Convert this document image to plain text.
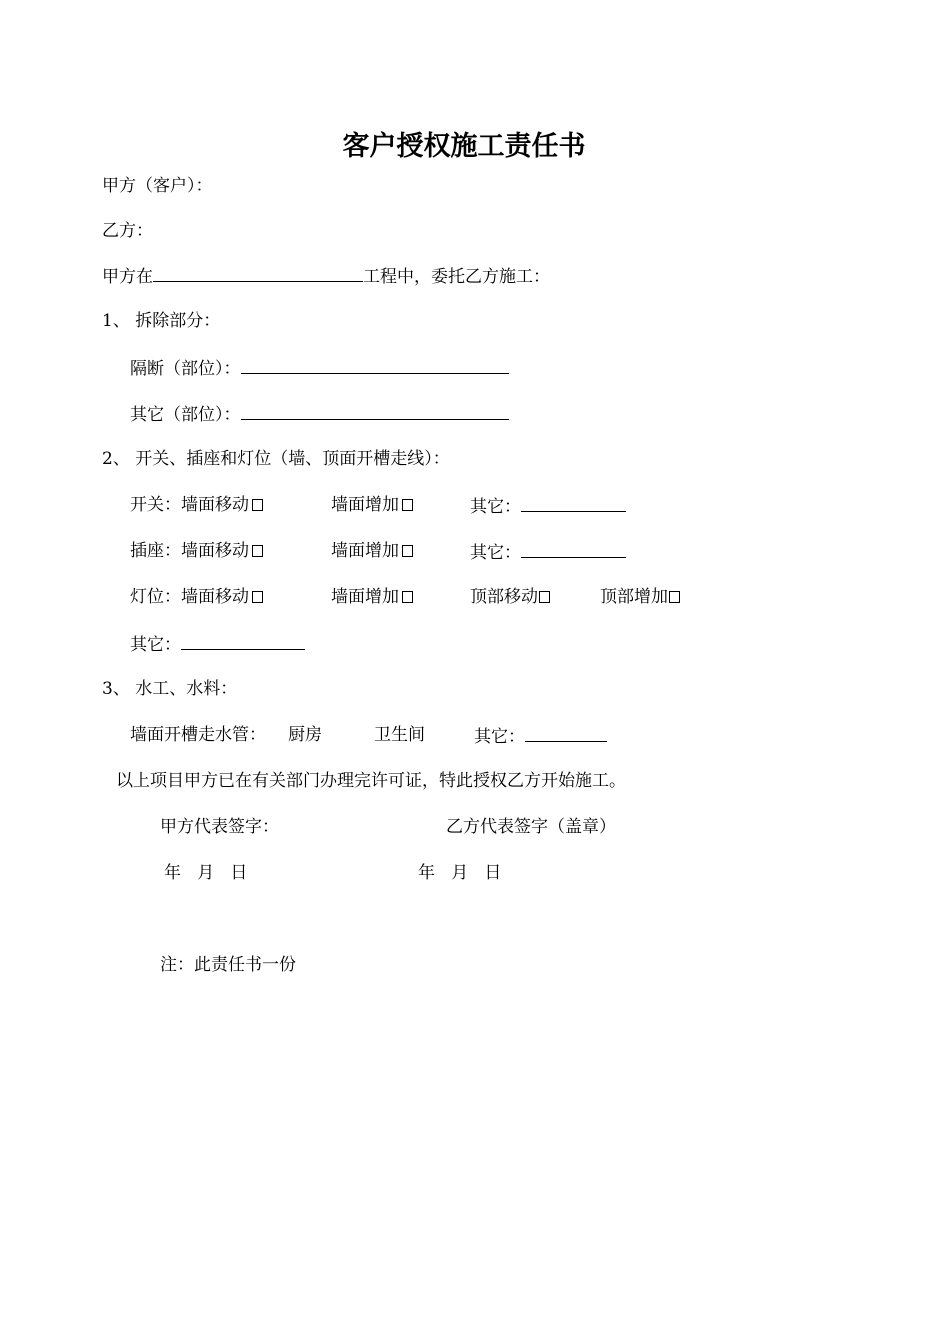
客户授权施工责任书
甲方（客户）：
乙方：
甲方在	工程中，委托乙方施工：
1、 拆除部分：
隔断（部位）：
其它（部位）：
2、 开关、插座和灯位（墙、顶面开槽走线）：
开关：墙面移动	墙面增加	其它：
插座：墙面移动	墙面增加	其它：
灯位：墙面移动	墙面增加	顶部移动	顶部增加
其它：
3、 水工、水料：
墙面开槽走水管： 厨房	卫生间	其它：
以上项目甲方已在有关部门办理完许可证，特此授权乙方开始施工。
甲方代表签字：	乙方代表签字（盖章）
年   月   日	年   月   日
注：此责任书一份
